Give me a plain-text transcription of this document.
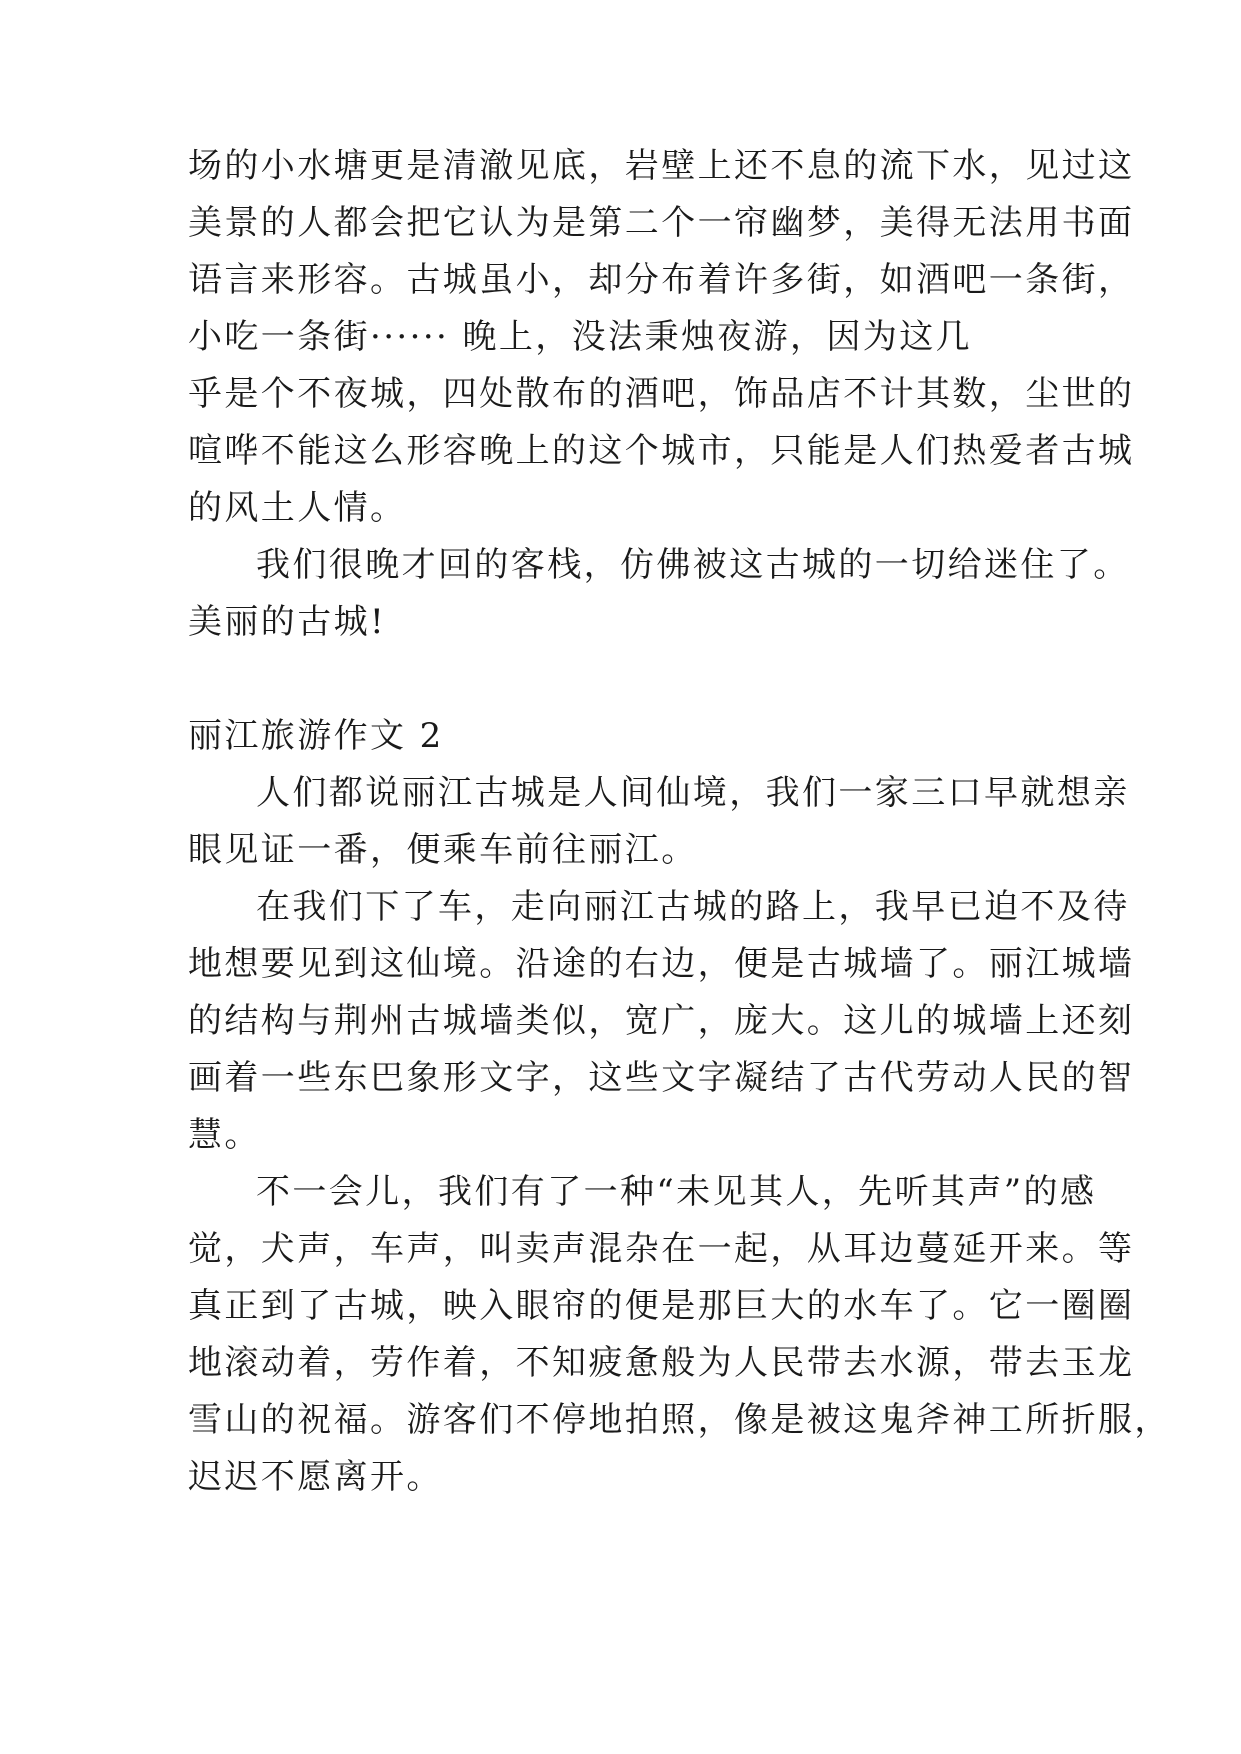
场的小水塘更是清澈见底，岩壁上还不息的流下水，见过这

美景的人都会把它认为是第二个一帘幽梦，美得无法用书面

语言来形容。古城虽小，却分布着许多街，如酒吧一条街，

小吃一条街······ 晚上，没法秉烛夜游，因为这几

乎是个不夜城，四处散布的酒吧，饰品店不计其数，尘世的

喧哗不能这么形容晚上的这个城市，只能是人们热爱者古城

的风土人情。

我们很晚才回的客栈，仿佛被这古城的一切给迷住了。

美丽的古城!

丽江旅游作文 2

人们都说丽江古城是人间仙境，我们一家三口早就想亲

眼见证一番，便乘车前往丽江。

在我们下了车，走向丽江古城的路上，我早已迫不及待

地想要见到这仙境。沿途的右边，便是古城墙了。丽江城墙

的结构与荆州古城墙类似，宽广，庞大。这儿的城墙上还刻

画着一些东巴象形文字，这些文字凝结了古代劳动人民的智

慧。

不一会儿，我们有了一种“未见其人，先听其声”的感

觉，犬声，车声，叫卖声混杂在一起，从耳边蔓延开来。等

真正到了古城，映入眼帘的便是那巨大的水车了。它一圈圈

地滚动着，劳作着，不知疲惫般为人民带去水源，带去玉龙

雪山的祝福。游客们不停地拍照，像是被这鬼斧神工所折服，

迟迟不愿离开。
